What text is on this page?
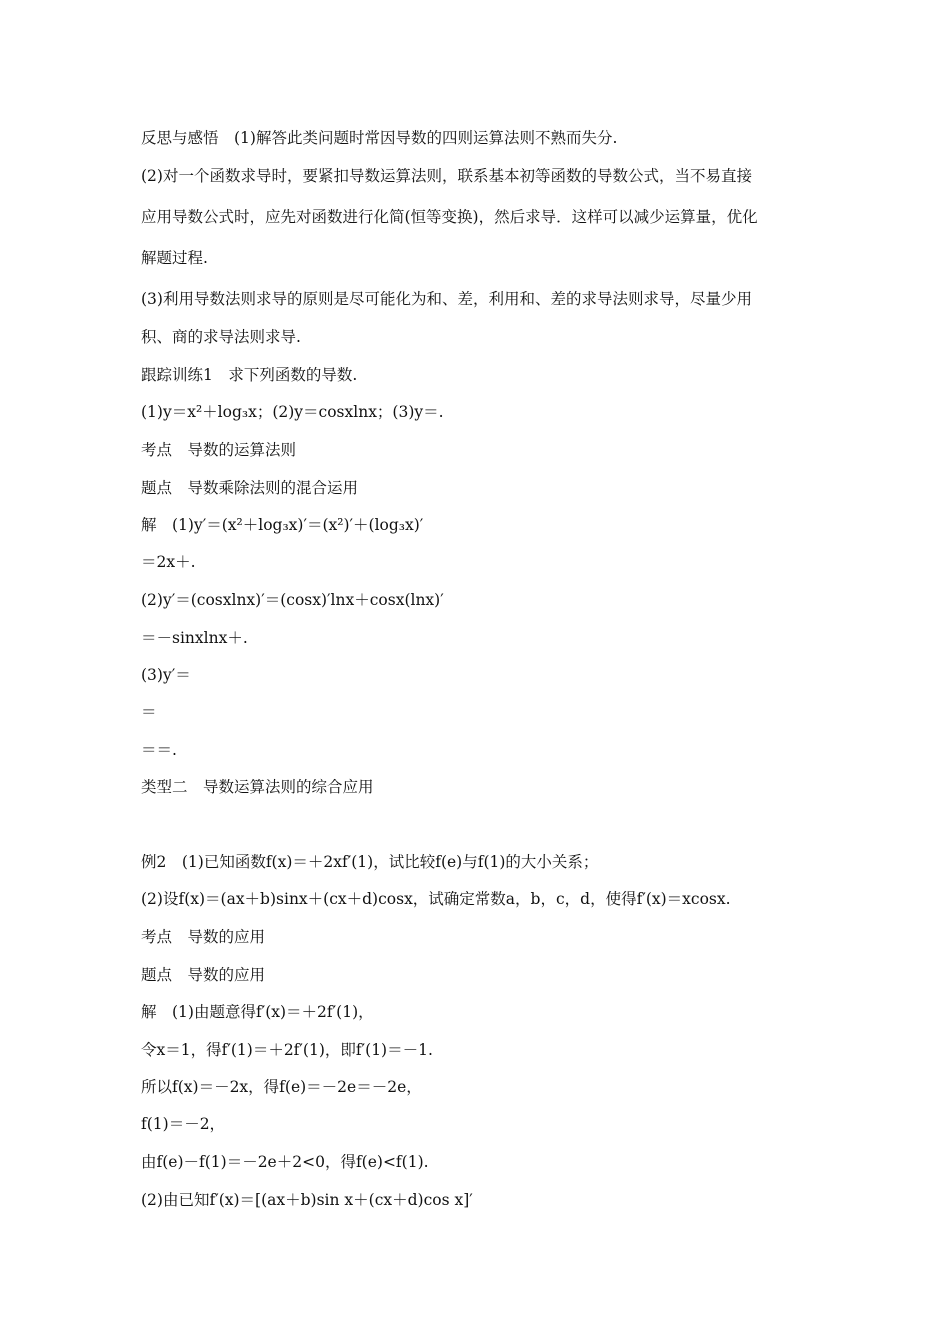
反思与感悟　(1)解答此类问题时常因导数的四则运算法则不熟而失分.
(2)对一个函数求导时，要紧扣导数运算法则，联系基本初等函数的导数公式，当不易直接
应用导数公式时，应先对函数进行化简(恒等变换)，然后求导．这样可以减少运算量，优化
解题过程.
(3)利用导数法则求导的原则是尽可能化为和、差，利用和、差的求导法则求导，尽量少用
积、商的求导法则求导.
跟踪训练1　求下列函数的导数.
(1)y＝x²＋log₃x；(2)y＝cosxlnx；(3)y＝.
考点　导数的运算法则
题点　导数乘除法则的混合运用
解　(1)y′＝(x²＋log₃x)′＝(x²)′＋(log₃x)′
＝2x＋.
(2)y′＝(cosxlnx)′＝(cosx)′lnx＋cosx(lnx)′
＝－sinxlnx＋.
(3)y′＝
＝
＝＝.
类型二　导数运算法则的综合应用
例2　(1)已知函数f(x)＝＋2xf′(1)，试比较f(e)与f(1)的大小关系；
(2)设f(x)＝(ax＋b)sinx＋(cx＋d)cosx，试确定常数a，b，c，d，使得f′(x)＝xcosx.
考点　导数的应用
题点　导数的应用
解　(1)由题意得f′(x)＝＋2f′(1)，
令x＝1，得f′(1)＝＋2f′(1)，即f′(1)＝－1.
所以f(x)＝－2x，得f(e)＝－2e＝－2e，
f(1)＝－2，
由f(e)－f(1)＝－2e＋2<0，得f(e)<f(1).
(2)由已知f′(x)＝[(ax＋b)sin x＋(cx＋d)cos x]′
